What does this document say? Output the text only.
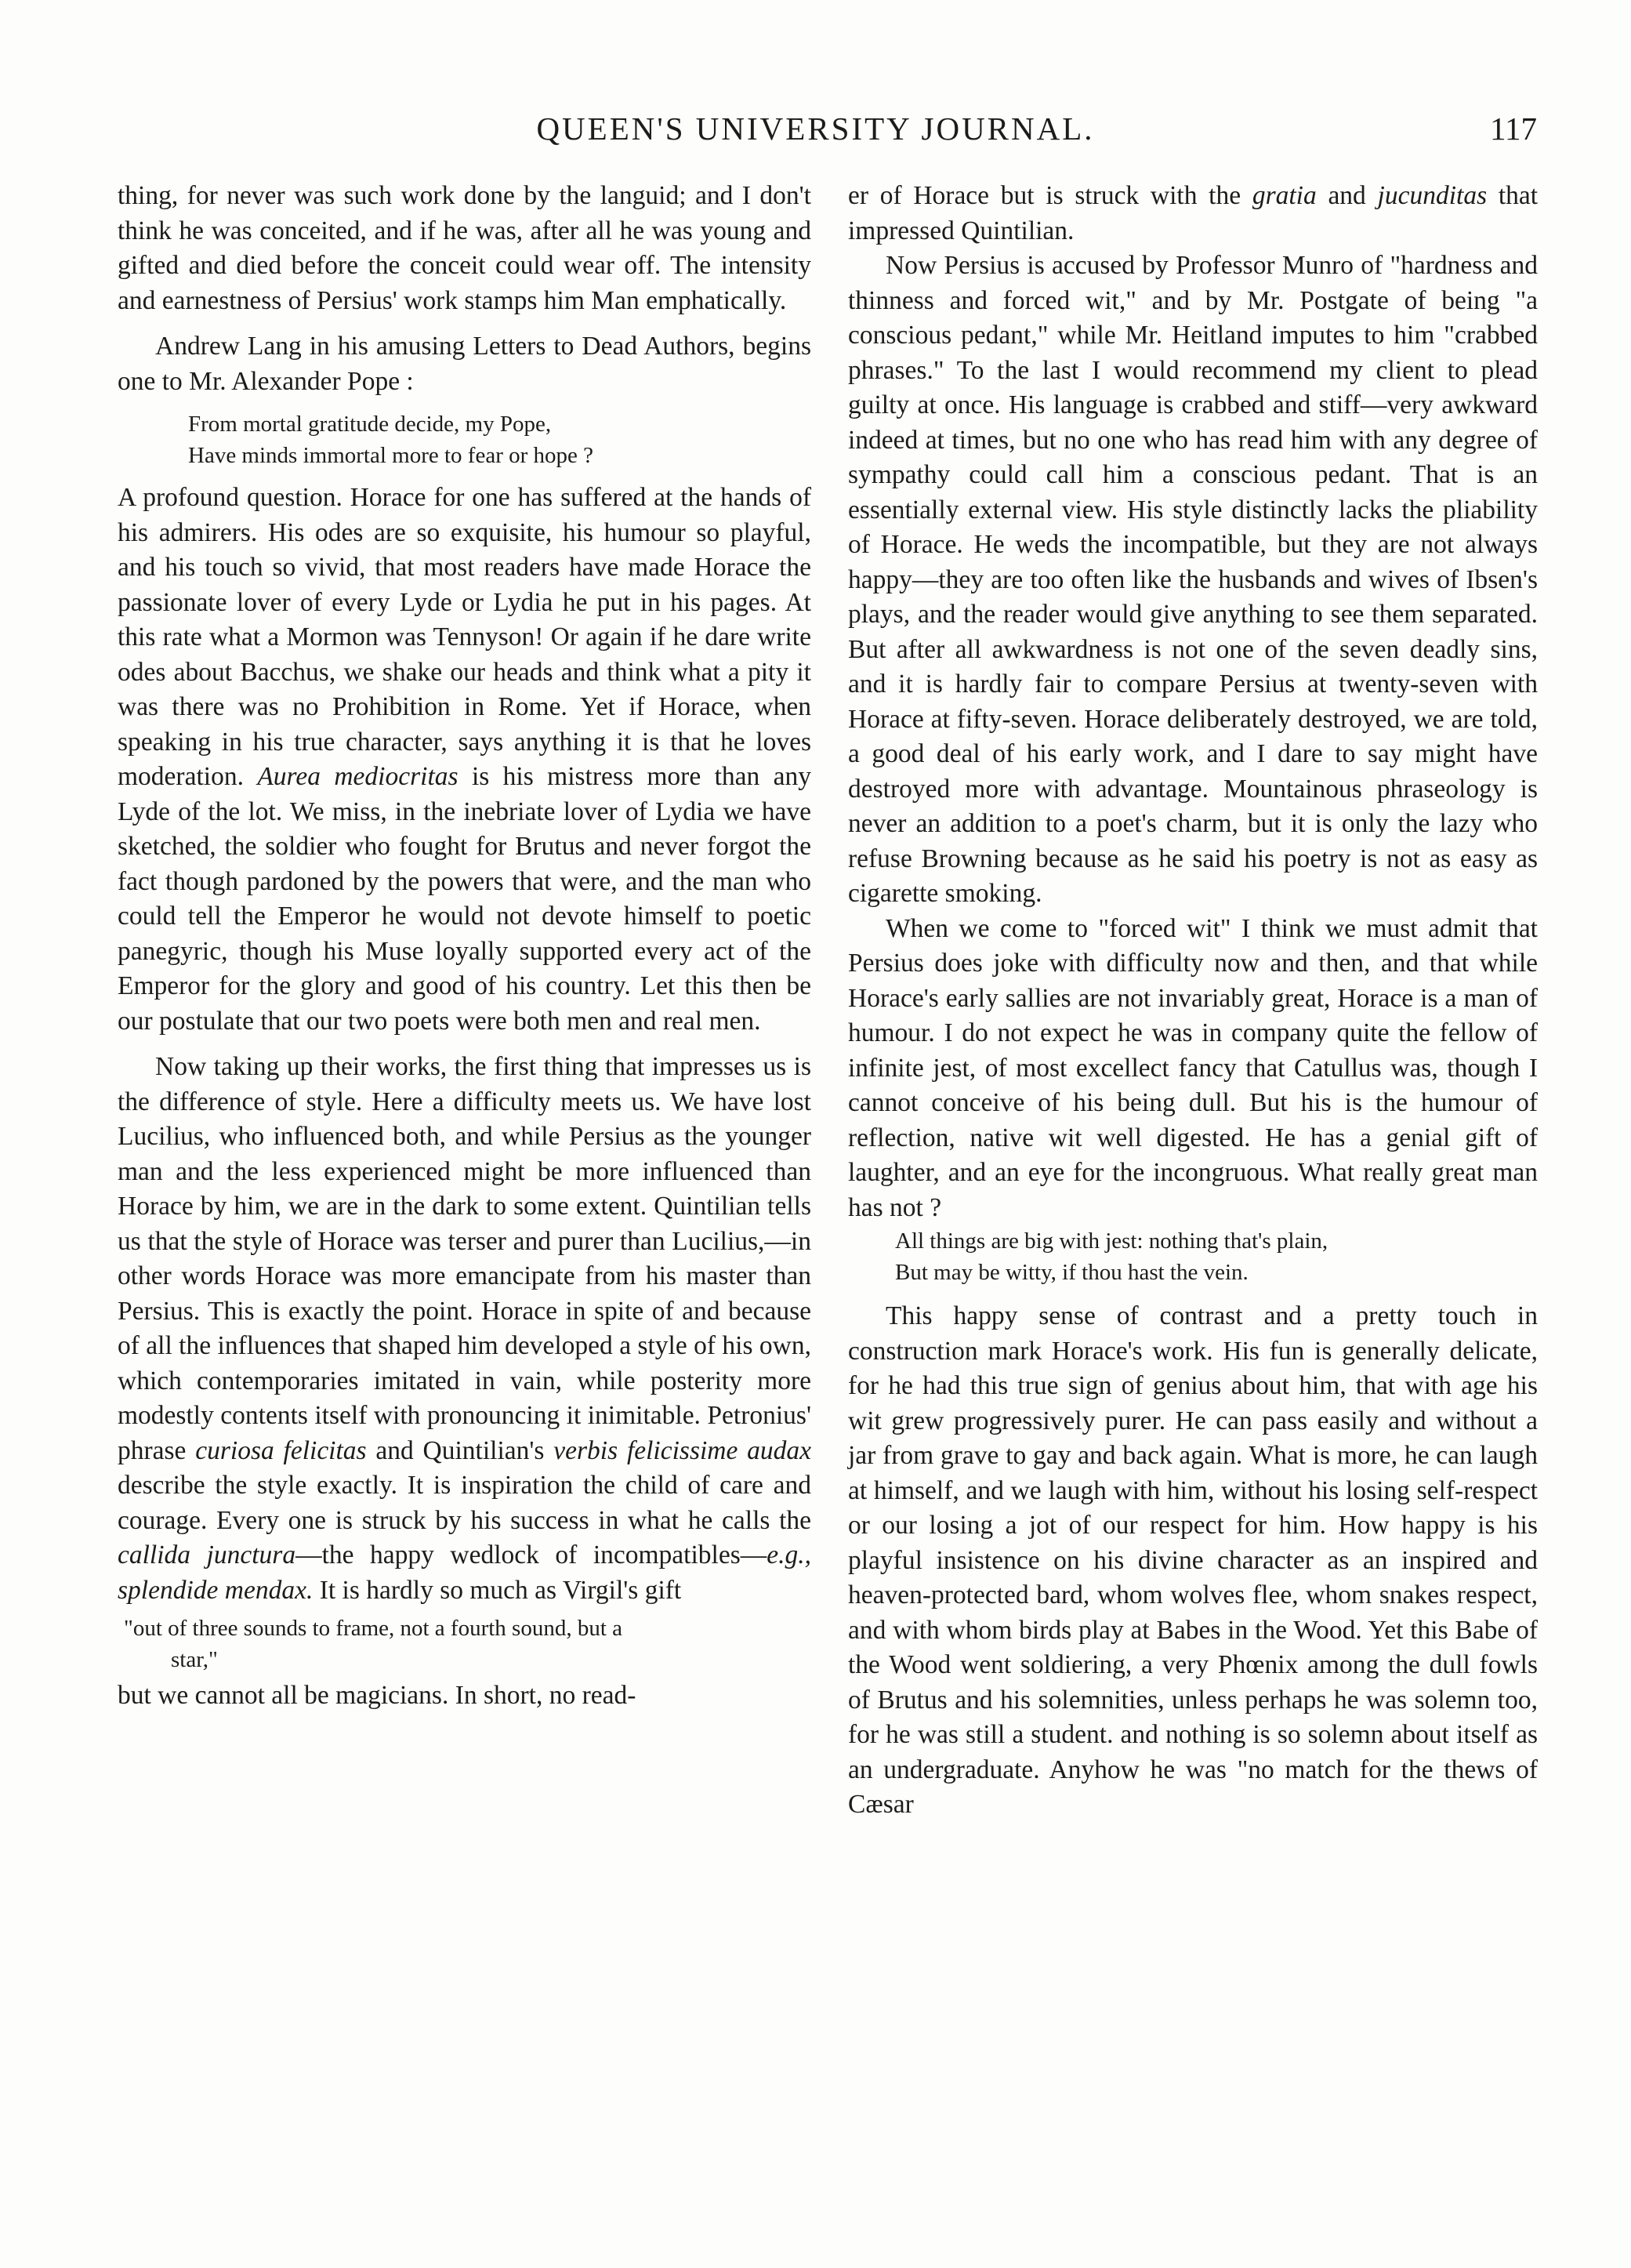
QUEEN'S UNIVERSITY JOURNAL.	117

thing, for never was such work done by the languid; and I don't think he was conceited, and if he was, after all he was young and gifted and died before the conceit could wear off. The intensity and earnestness of Persius' work stamps him Man emphatically.

Andrew Lang in his amusing Letters to Dead Authors, begins one to Mr. Alexander Pope :

From mortal gratitude decide, my Pope,
Have minds immortal more to fear or hope ?

A profound question. Horace for one has suffered at the hands of his admirers. His odes are so exquisite, his humour so playful, and his touch so vivid, that most readers have made Horace the passionate lover of every Lyde or Lydia he put in his pages. At this rate what a Mormon was Tennyson! Or again if he dare write odes about Bacchus, we shake our heads and think what a pity it was there was no Prohibition in Rome. Yet if Horace, when speaking in his true character, says anything it is that he loves moderation. Aurea mediocritas is his mistress more than any Lyde of the lot. We miss, in the inebriate lover of Lydia we have sketched, the soldier who fought for Brutus and never forgot the fact though pardoned by the powers that were, and the man who could tell the Emperor he would not devote himself to poetic panegyric, though his Muse loyally supported every act of the Emperor for the glory and good of his country. Let this then be our postulate that our two poets were both men and real men.

Now taking up their works, the first thing that impresses us is the difference of style. Here a difficulty meets us. We have lost Lucilius, who influenced both, and while Persius as the younger man and the less experienced might be more influenced than Horace by him, we are in the dark to some extent. Quintilian tells us that the style of Horace was terser and purer than Lucilius,—in other words Horace was more emancipate from his master than Persius. This is exactly the point. Horace in spite of and because of all the influences that shaped him developed a style of his own, which contemporaries imitated in vain, while posterity more modestly contents itself with pronouncing it inimitable. Petronius' phrase curiosa felicitas and Quintilian's verbis felicissime audax describe the style exactly. It is inspiration the child of care and courage. Every one is struck by his success in what he calls the callida junctura—the happy wedlock of incompatibles—e.g., splendide mendax. It is hardly so much as Virgil's gift

"out of three sounds to frame, not a fourth sound, but a
star,"

but we cannot all be magicians. In short, no read-

er of Horace but is struck with the gratia and jucunditas that impressed Quintilian.

Now Persius is accused by Professor Munro of "hardness and thinness and forced wit," and by Mr. Postgate of being "a conscious pedant," while Mr. Heitland imputes to him "crabbed phrases." To the last I would recommend my client to plead guilty at once. His language is crabbed and stiff—very awkward indeed at times, but no one who has read him with any degree of sympathy could call him a conscious pedant. That is an essentially external view. His style distinctly lacks the pliability of Horace. He weds the incompatible, but they are not always happy—they are too often like the husbands and wives of Ibsen's plays, and the reader would give anything to see them separated. But after all awkwardness is not one of the seven deadly sins, and it is hardly fair to compare Persius at twenty-seven with Horace at fifty-seven. Horace deliberately destroyed, we are told, a good deal of his early work, and I dare to say might have destroyed more with advantage. Mountainous phraseology is never an addition to a poet's charm, but it is only the lazy who refuse Browning because as he said his poetry is not as easy as cigarette smoking.

When we come to "forced wit" I think we must admit that Persius does joke with difficulty now and then, and that while Horace's early sallies are not invariably great, Horace is a man of humour. I do not expect he was in company quite the fellow of infinite jest, of most excellect fancy that Catullus was, though I cannot conceive of his being dull. But his is the humour of reflection, native wit well digested. He has a genial gift of laughter, and an eye for the incongruous. What really great man has not ?

All things are big with jest: nothing that's plain,
But may be witty, if thou hast the vein.

This happy sense of contrast and a pretty touch in construction mark Horace's work. His fun is generally delicate, for he had this true sign of genius about him, that with age his wit grew progressively purer. He can pass easily and without a jar from grave to gay and back again. What is more, he can laugh at himself, and we laugh with him, without his losing self-respect or our losing a jot of our respect for him. How happy is his playful insistence on his divine character as an inspired and heaven-protected bard, whom wolves flee, whom snakes respect, and with whom birds play at Babes in the Wood. Yet this Babe of the Wood went soldiering, a very Phœnix among the dull fowls of Brutus and his solemnities, unless perhaps he was solemn too, for he was still a student. and nothing is so solemn about itself as an undergraduate. Anyhow he was "no match for the thews of Cæsar
